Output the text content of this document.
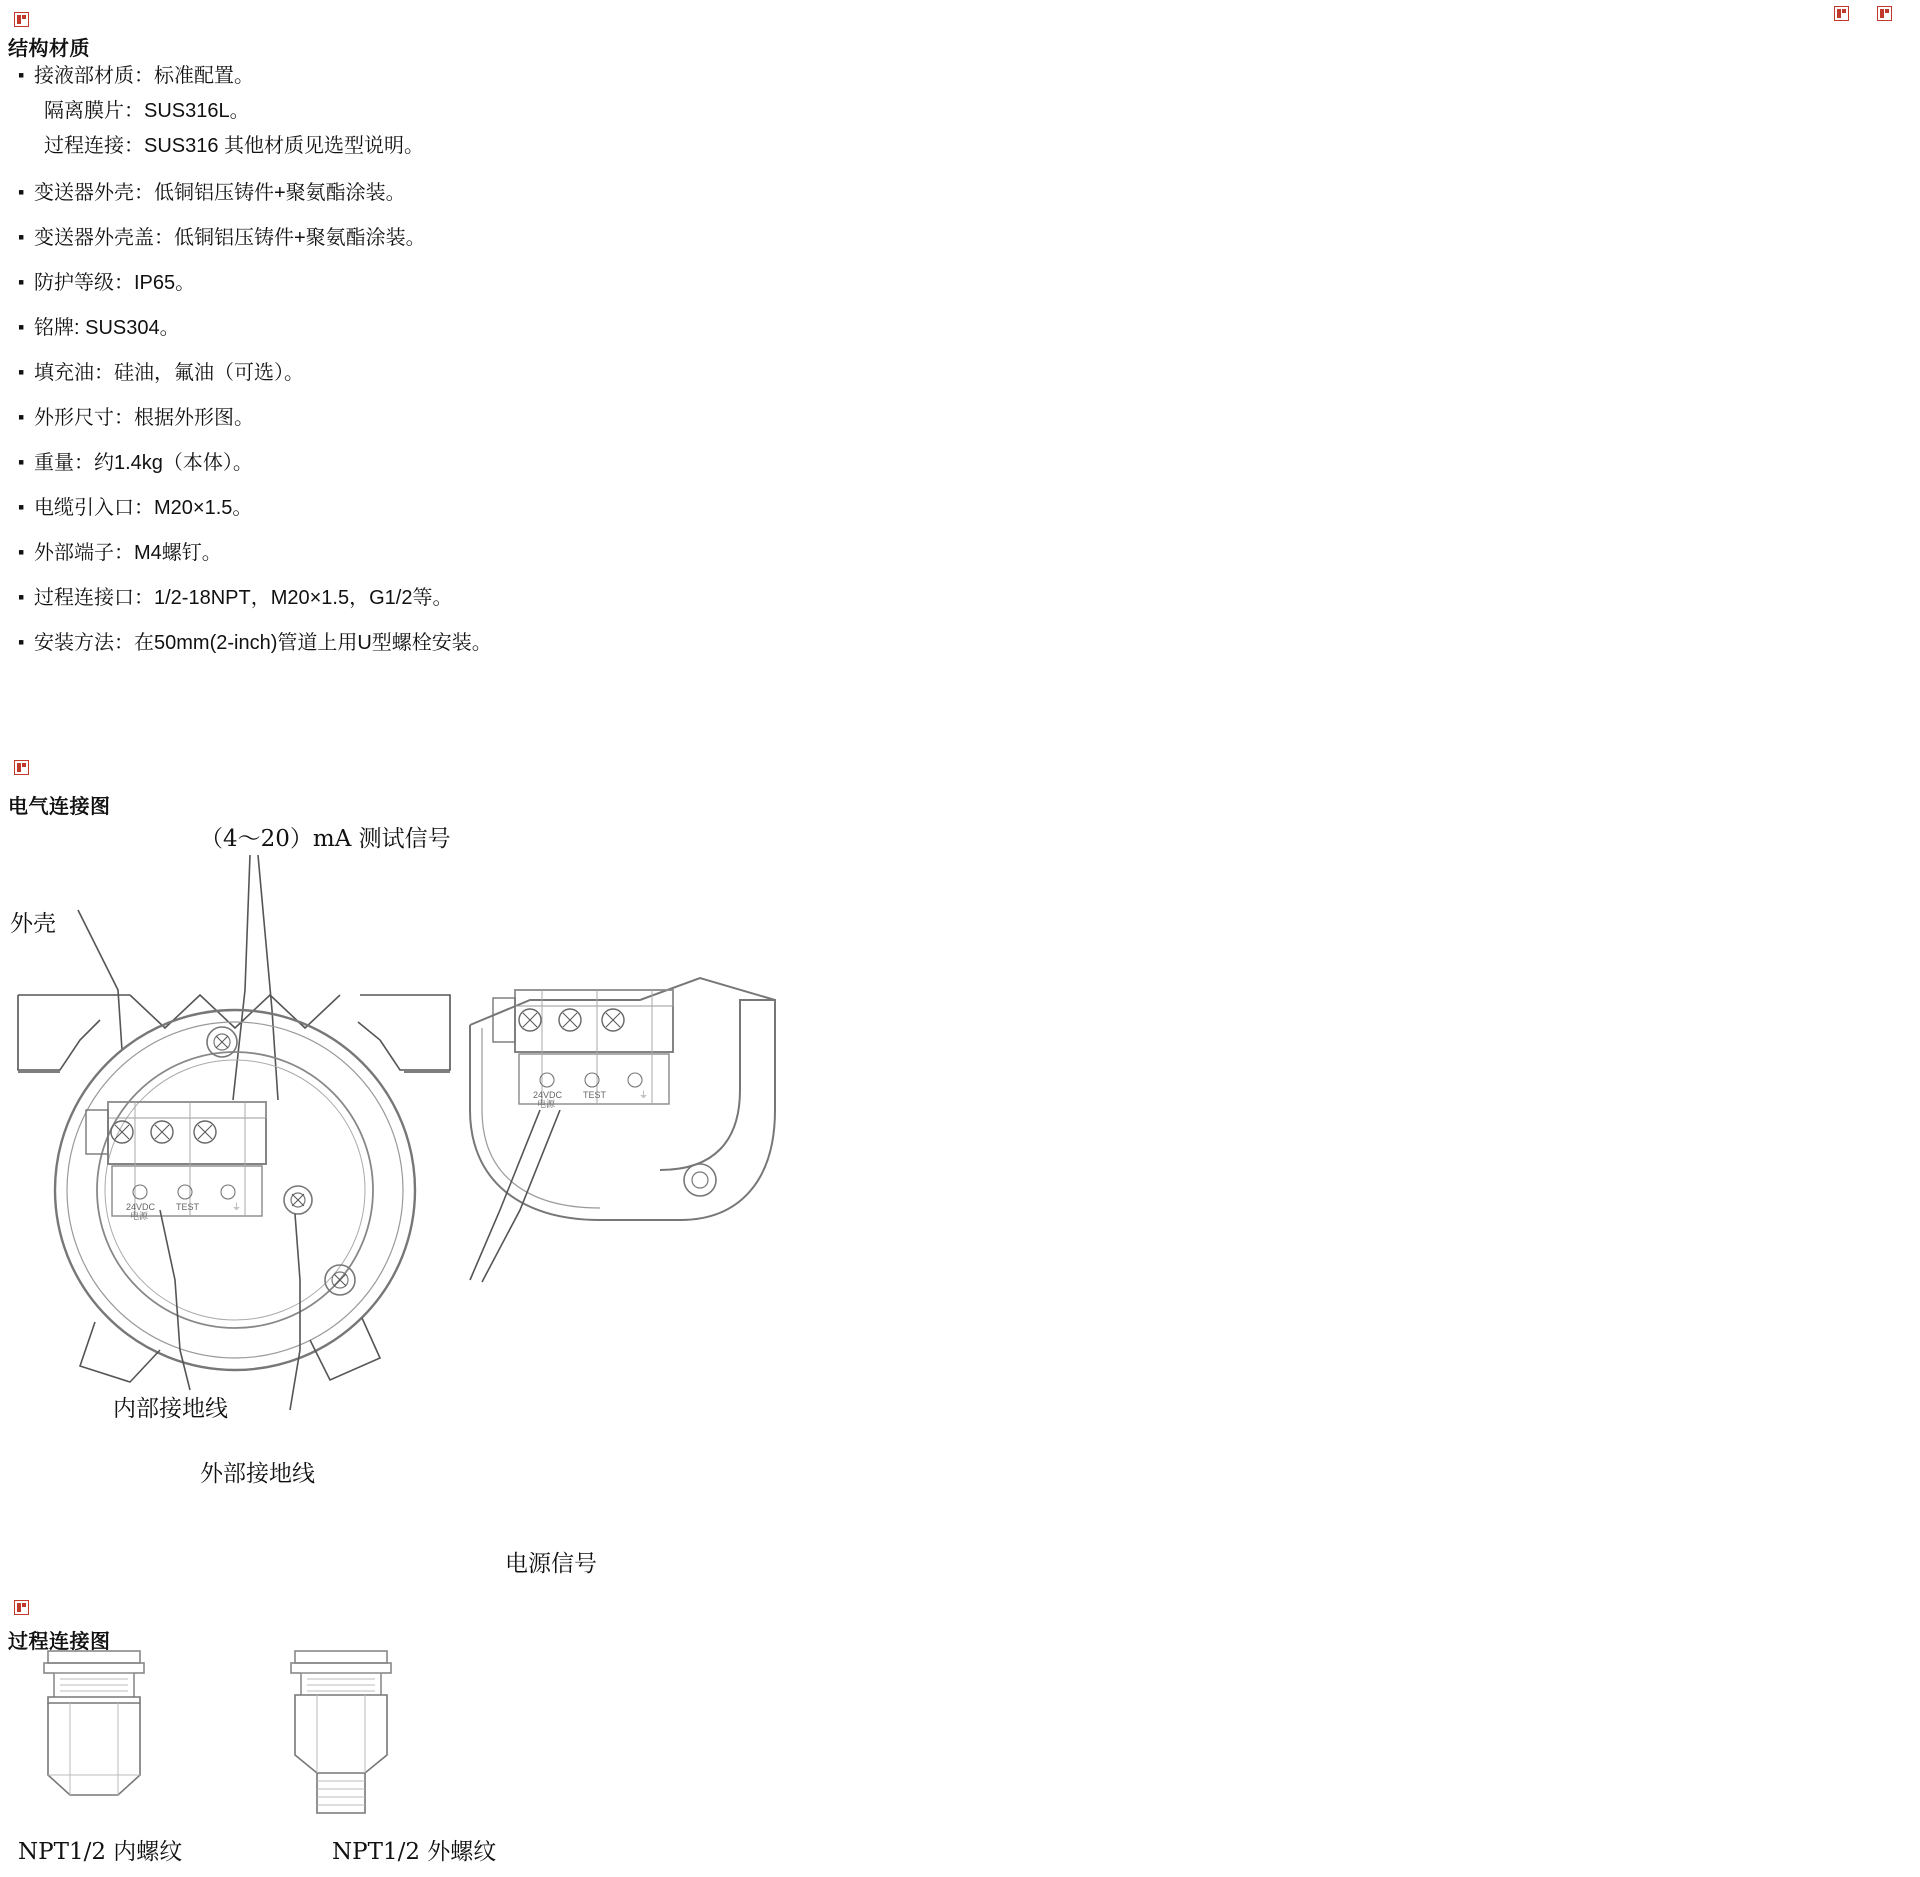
结构材质
▪ 接液部材质：标准配置。
隔离膜片：SUS316L。
过程连接：SUS316 其他材质见选型说明。
▪ 变送器外壳：低铜铝压铸件+聚氨酯涂装。
▪ 变送器外壳盖：低铜铝压铸件+聚氨酯涂装。
▪ 防护等级：IP65。
▪ 铭牌: SUS304。
▪ 填充油：硅油，氟油（可选）。
▪ 外形尺寸：根据外形图。
▪ 重量：约1.4kg（本体）。
▪ 电缆引入口：M20×1.5。
▪ 外部端子：M4螺钉。
▪ 过程连接口：1/2-18NPT，M20×1.5，G1/2等。
▪ 安装方法：在50mm(2-inch)管道上用U型螺栓安装。
电气连接图
24VDC
电源
TEST	⏚
24VDC
电源
TEST	⏚
（4～20）mA 测试信号
外壳
内部接地线
外部接地线
电源信号
过程连接图
NPT1/2 内螺纹	NPT1/2 外螺纹
